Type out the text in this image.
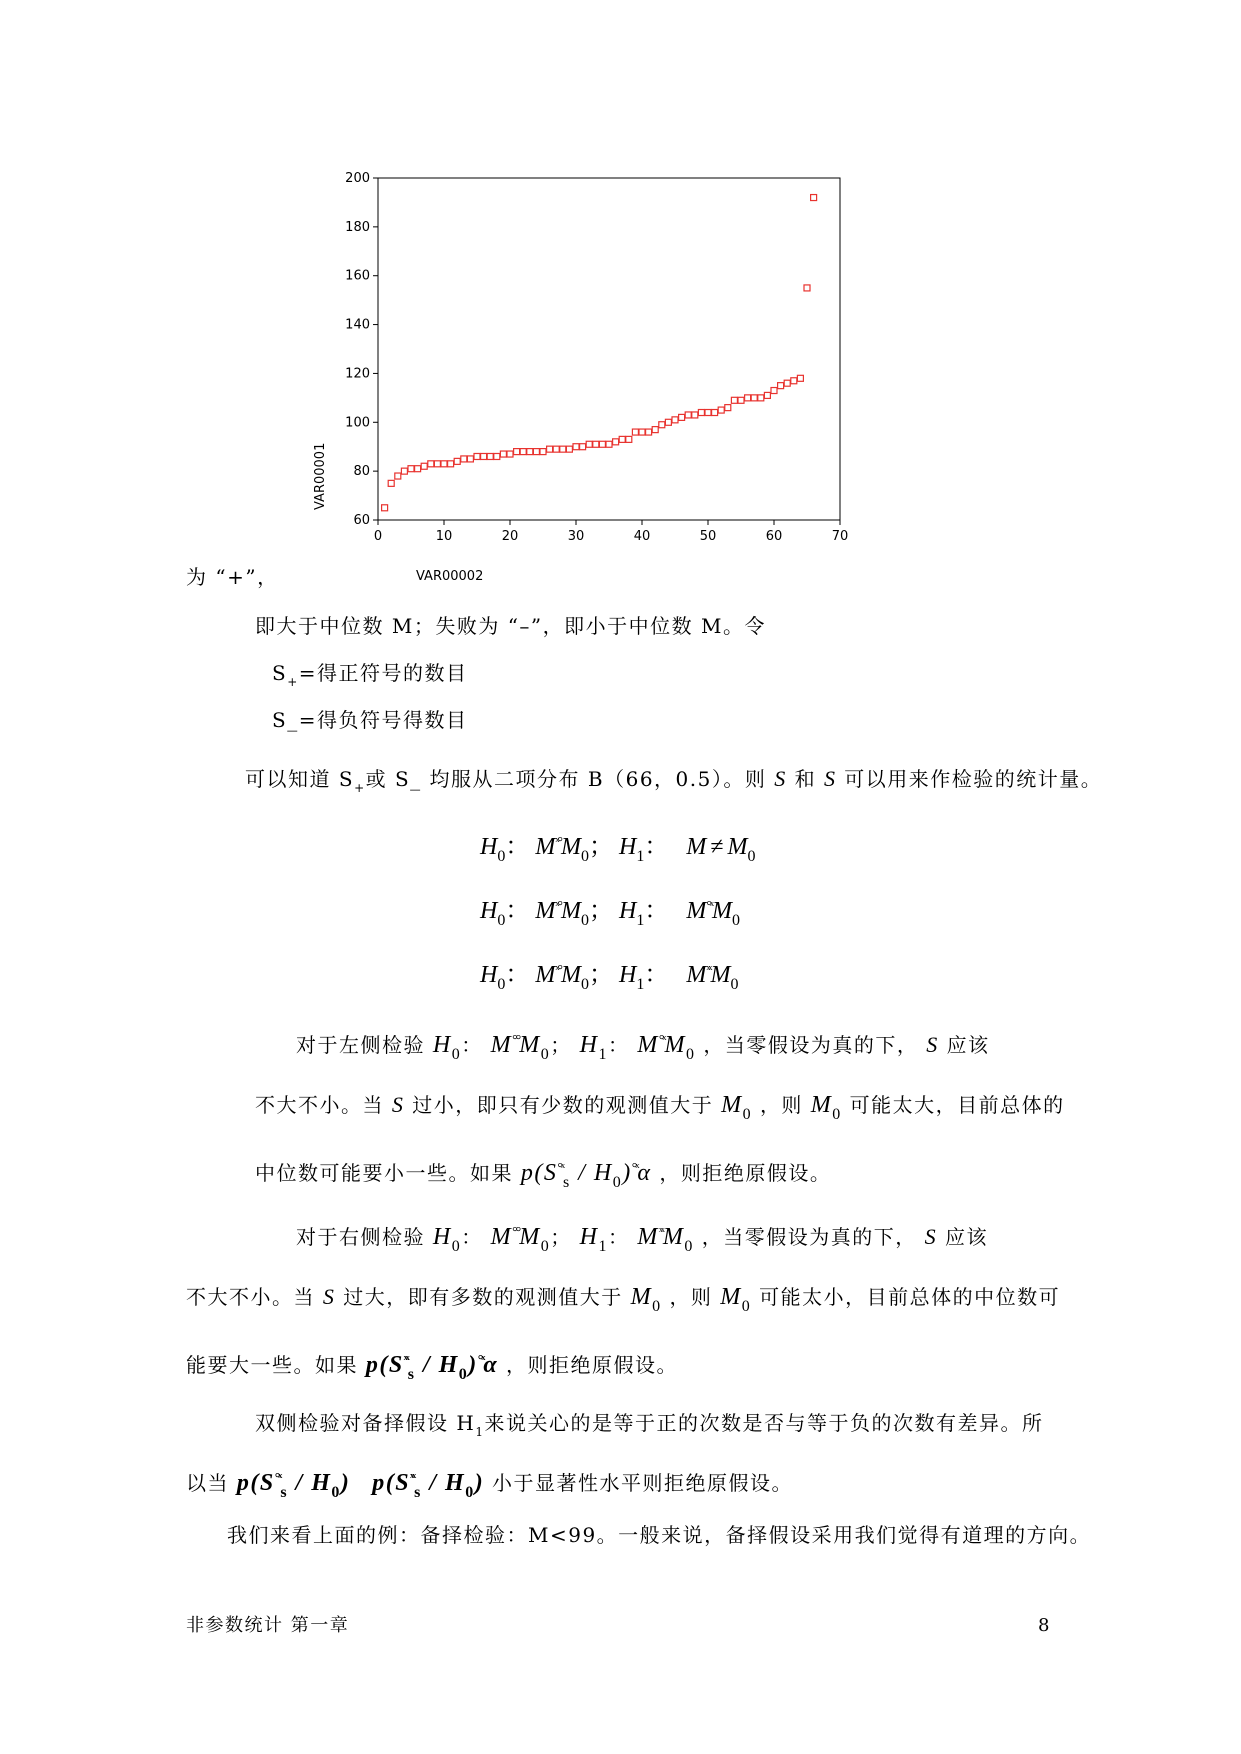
0	10	20	30	40	50	60	70
60
80
100
120
140
160
180
200
VAR00002
VAR00001
为 “+”，
即大于中位数 M；失败为 “–”，即小于中位数 M。令
$S_+=$得正符号的数目
S_=得负符号得数目
可以知道 $S_+$或 S_ 均服从二项分布 B（66，0.5）。则 S 和 S 可以用来作检验的统计量。
$H_0$： $M^{ˣ^\circ}M_0$； $H_1$： $M \ne M_0$
$H_0$： $M^{ˣ^\circ}M_0$； $H_1$： $M^{^\circ ˣ}M_0$
$H_0$： $M^{ˣ^\circ}M_0$； $H_1$： $M^{ˣˣ}M_0$
对于左侧检验 $H_0$： $M^{^\circ^\circ}M_0$； $H_1$： $M^{^\circ ˣ}M_0$ ，当零假设为真的下， S 应该
不大不小。当 S 过小，即只有少数的观测值大于 $M_0$ ，则 $M_0$ 可能太大，目前总体的
中位数可能要小一些。如果 $p(S^{^\circ ˣ}_s / H_0)^{^\circ ˣ}\alpha$ ，则拒绝原假设。
对于右侧检验 $H_0$： $M^{^\circ^\circ}M_0$； $H_1$： $M^{ˣˣ}M_0$ ，当零假设为真的下， S 应该
不大不小。当 S 过大，即有多数的观测值大于 $M_0$ ，则 $M_0$ 可能太小，目前总体的中位数可
能要大一些。如果 $p(S^{ˣˣ}_s / H_0)^{^\circ ˣ}\alpha$ ，则拒绝原假设。
双侧检验对备择假设 $H_1$来说关心的是等于正的次数是否与等于负的次数有差异。所
以当 $p(S^{^\circ ˣ}_s / H_0)$ $p(S^{ˣˣ}_s / H_0)$ 小于显著性水平则拒绝原假设。
我们来看上面的例：备择检验：M<99。一般来说，备择假设采用我们觉得有道理的方向。
非参数统计 第一章	8
